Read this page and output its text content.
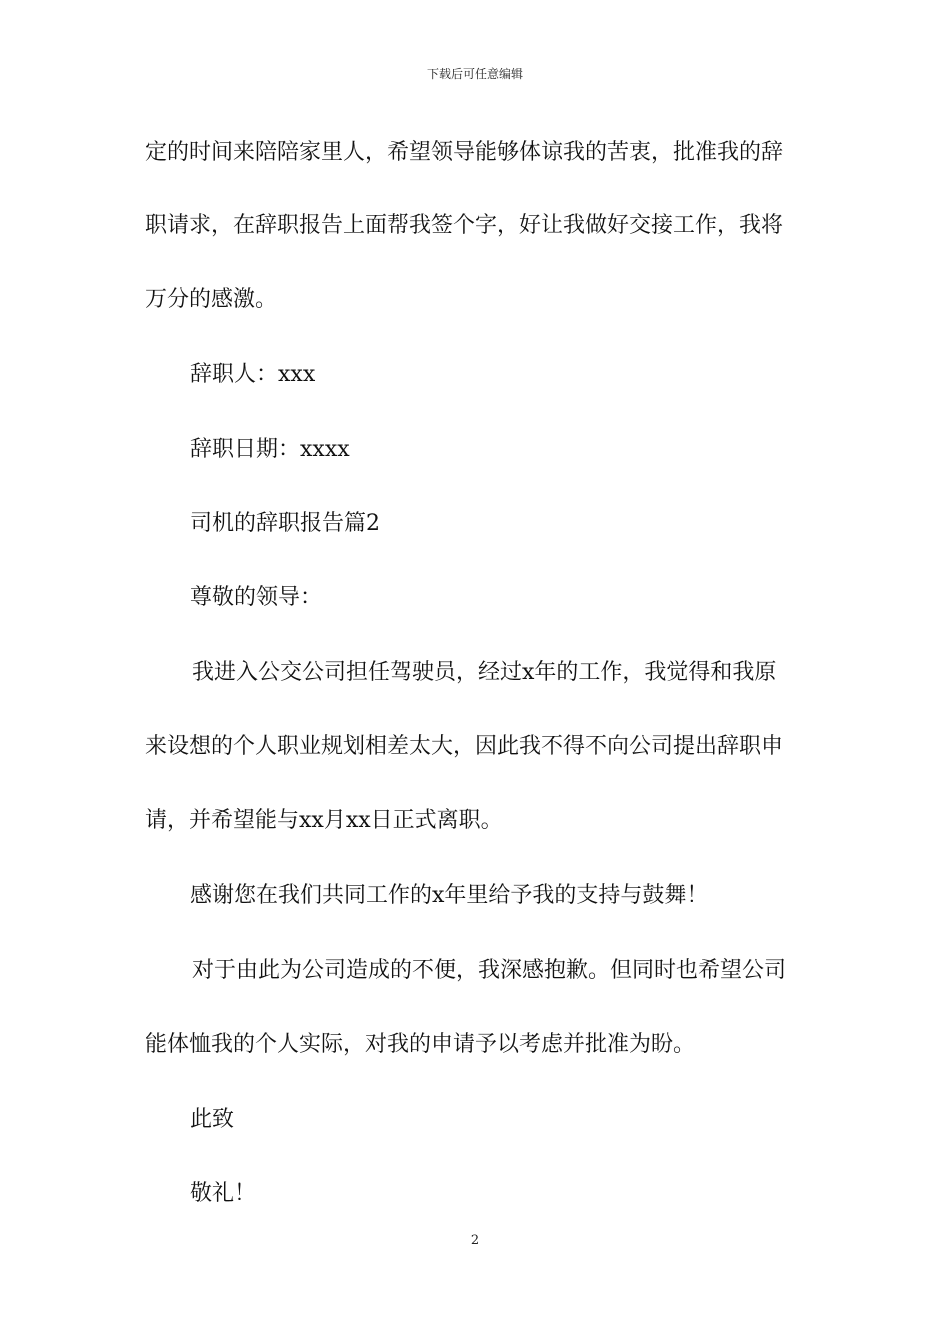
下载后可任意编辑
定的时间来陪陪家里人，希望领导能够体谅我的苦衷，批准我的辞
职请求，在辞职报告上面帮我签个字，好让我做好交接工作，我将
万分的感激。
辞职人：xxx
辞职日期：xxxx
司机的辞职报告篇2
尊敬的领导：
我进入公交公司担任驾驶员，经过x年的工作，我觉得和我原
来设想的个人职业规划相差太大，因此我不得不向公司提出辞职申
请，并希望能与xx月xx日正式离职。
感谢您在我们共同工作的x年里给予我的支持与鼓舞！
对于由此为公司造成的不便，我深感抱歉。但同时也希望公司
能体恤我的个人实际，对我的申请予以考虑并批准为盼。
此致
敬礼！
2
